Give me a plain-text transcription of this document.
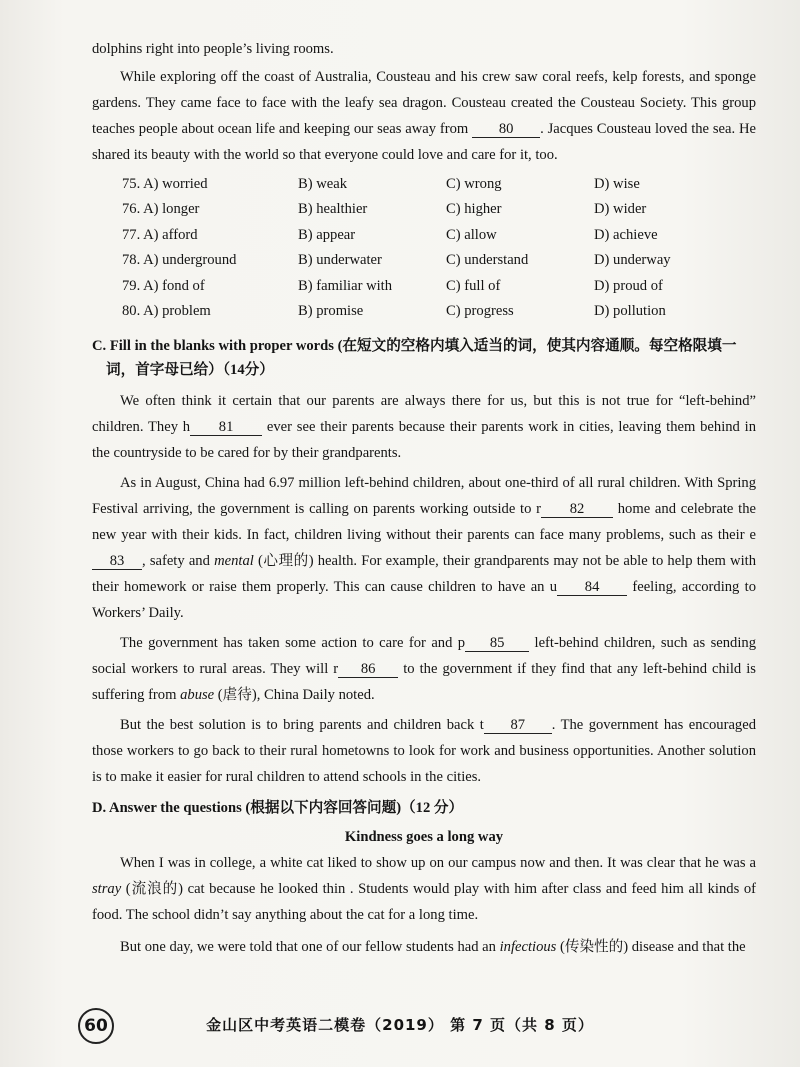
dolphins right into people’s living rooms.

While exploring off the coast of Australia, Cousteau and his crew saw coral reefs, kelp forests, and sponge gardens. They came face to face with the leafy sea dragon. Cousteau created the Cousteau Society. This group teaches people about ocean life and keeping our seas away from 80 . Jacques Cousteau loved the sea. He shared its beauty with the world so that everyone could love and care for it, too.

75. A) worried	B) weak	C) wrong	D) wise
76. A) longer	B) healthier	C) higher	D) wider
77. A) afford	B) appear	C) allow	D) achieve
78. A) underground	B) underwater	C) understand	D) underway
79. A) fond of	B) familiar with	C) full of	D) proud of
80. A) problem	B) promise	C) progress	D) pollution
C. Fill in the blanks with proper words (在短文的空格内填入适当的词，使其内容通顺。每空格限填一
词，首字母已给）（14分）

We often think it certain that our parents are always there for us, but this is not true for “left-behind” children. They h 81 ever see their parents because their parents work in cities, leaving them behind in the countryside to be cared for by their grandparents.

As in August, China had 6.97 million left-behind children, about one-third of all rural children. With Spring Festival arriving, the government is calling on parents working outside to r 82 home and celebrate the new year with their kids. In fact, children living without their parents can face many problems, such as their e83 , safety and mental (心理的) health. For example, their grandparents may not be able to help them with their homework or raise them properly. This can cause children to have an u 84 feeling, according to Workers’ Daily.

The government has taken some action to care for and p 85 left-behind children, such as sending social workers to rural areas. They will r 86 to the government if they find that any left-behind child is suffering from abuse (虐待), China Daily noted.

But the best solution is to bring parents and children back t 87 . The government has encouraged those workers to go back to their rural hometowns to look for work and business opportunities. Another solution is to make it easier for rural children to attend schools in the cities.

D. Answer the questions (根据以下内容回答问题)（12 分）
Kindness goes a long way

When I was in college, a white cat liked to show up on our campus now and then. It was clear that he was a stray (流浪的) cat because he looked thin . Students would play with him after class and feed him all kinds of food. The school didn’t say anything about the cat for a long time.

But one day, we were told that one of our fellow students had an infectious (传染性的) disease and that the

60	金山区中考英语二模卷（2019） 第 7 页（共 8 页）
